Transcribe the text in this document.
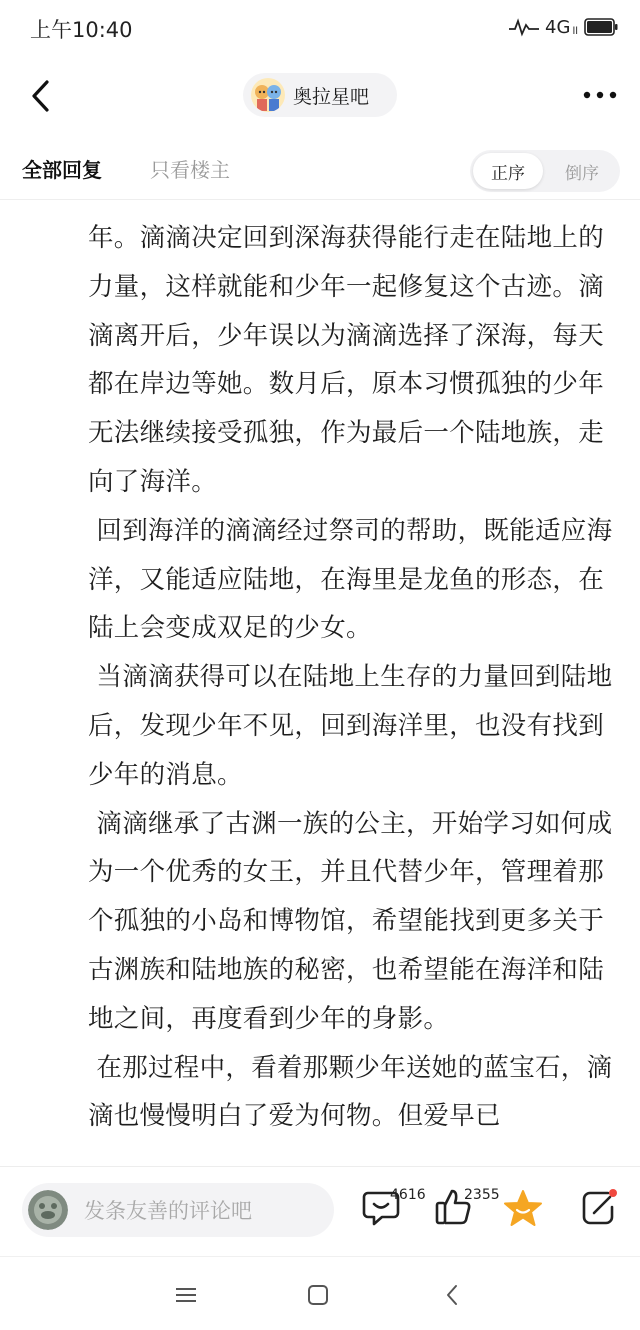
上午10:40	4G ll
奥拉星吧
全部回复 只看楼主	正序	倒序

年。滴滴决定回到深海获得能行走在陆地上的力量，这样就能和少年一起修复这个古迹。滴滴离开后，少年误以为滴滴选择了深海，每天都在岸边等她。数月后，原本习惯孤独的少年无法继续接受孤独，作为最后一个陆地族，走向了海洋。

回到海洋的滴滴经过祭司的帮助，既能适应海洋，又能适应陆地，在海里是龙鱼的形态，在陆上会变成双足的少女。

当滴滴获得可以在陆地上生存的力量回到陆地后，发现少年不见，回到海洋里，也没有找到少年的消息。

滴滴继承了古渊一族的公主，开始学习如何成为一个优秀的女王，并且代替少年，管理着那个孤独的小岛和博物馆，希望能找到更多关于古渊族和陆地族的秘密，也希望能在海洋和陆地之间，再度看到少年的身影。

在那过程中，看着那颗少年送她的蓝宝石，滴滴也慢慢明白了爱为何物。但爱早已

发条友善的评论吧
4616	2355
